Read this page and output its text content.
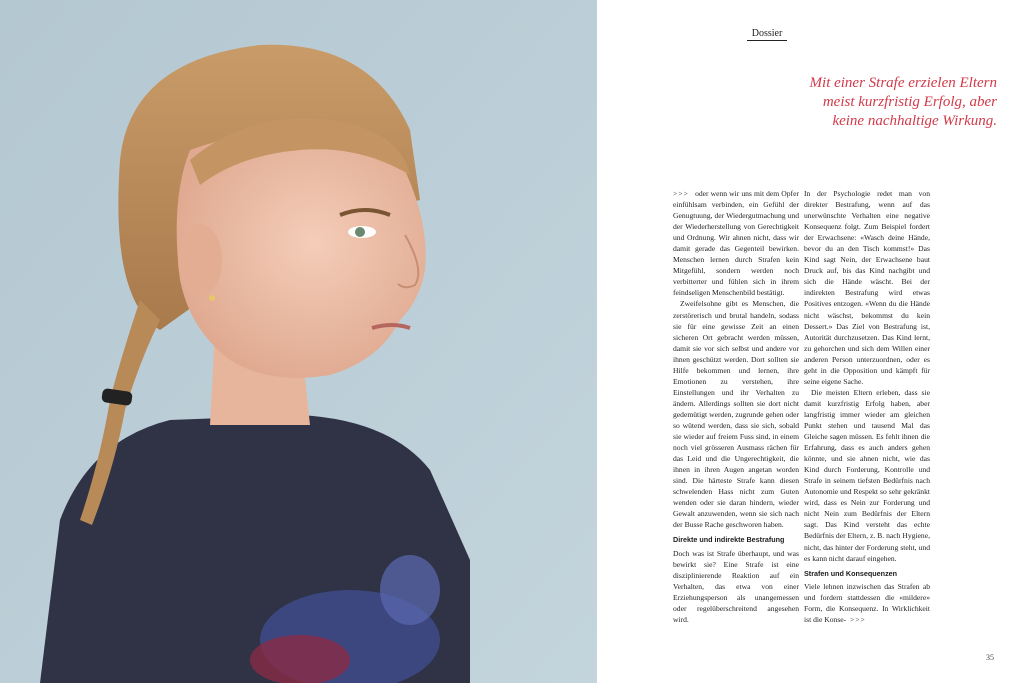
Dossier
Mit einer Strafe erzielen Eltern meist kurzfristig Erfolg, aber keine nachhaltige Wirkung.

>>> oder wenn wir uns mit dem Opfer einfühlsam verbinden, ein Gefühl der Genugtuung, der Wiedergutmachung und der Wiederherstellung von Gerechtigkeit und Ordnung. Wir ahnen nicht, dass wir damit gerade das Gegenteil bewirken. Menschen lernen durch Strafen kein Mitgefühl, sondern werden noch verbitterter und fühlen sich in ihrem feindseligen Menschenbild bestätigt.

Zweifelsohne gibt es Menschen, die zerstörerisch und brutal handeln, sodass sie für eine gewisse Zeit an einen sicheren Ort gebracht werden müssen, damit sie vor sich selbst und andere vor ihnen geschützt werden. Dort sollten sie Hilfe bekommen und lernen, ihre Emotionen zu verstehen, ihre Einstellungen und ihr Verhalten zu ändern. Allerdings sollten sie dort nicht gedemütigt werden, zugrunde gehen oder so wütend werden, dass sie sich, sobald sie wieder auf freiem Fuss sind, in einem noch viel grösseren Ausmass rächen für das Leid und die Ungerechtigkeit, die ihnen in ihren Augen angetan worden sind. Die härteste Strafe kann diesen schwelenden Hass nicht zum Guten wenden oder sie daran hindern, wieder Gewalt anzuwenden, wenn sie sich nach der Busse Rache geschworen haben.

Direkte und indirekte Bestrafung

Doch was ist Strafe überhaupt, und was bewirkt sie? Eine Strafe ist eine disziplinierende Reaktion auf ein Verhalten, das etwa von einer Erziehungsperson als unangemessen oder regelüberschreitend angesehen wird.

In der Psychologie redet man von direkter Bestrafung, wenn auf das unerwünschte Verhalten eine negative Konsequenz folgt. Zum Beispiel fordert der Erwachsene: «Wasch deine Hände, bevor du an den Tisch kommst!» Das Kind sagt Nein, der Erwachsene baut Druck auf, bis das Kind nachgibt und sich die Hände wäscht. Bei der indirekten Bestrafung wird etwas Positives entzogen. «Wenn du die Hände nicht wäschst, bekommst du kein Dessert.» Das Ziel von Bestrafung ist, Autorität durchzusetzen. Das Kind lernt, zu gehorchen und sich dem Willen einer anderen Person unterzuordnen, oder es geht in die Opposition und kämpft für seine eigene Sache.

Die meisten Eltern erleben, dass sie damit kurzfristig Erfolg haben, aber langfristig immer wieder am gleichen Punkt stehen und tausend Mal das Gleiche sagen müssen. Es fehlt ihnen die Erfahrung, dass es auch anders gehen könnte, und sie ahnen nicht, wie das Kind durch Forderung, Kontrolle und Strafe in seinem tiefsten Bedürfnis nach Autonomie und Respekt so sehr gekränkt wird, dass es Nein zur Forderung und nicht Nein zum Bedürfnis der Eltern sagt. Das Kind versteht das echte Bedürfnis der Eltern, z. B. nach Hygiene, nicht, das hinter der Forderung steht, und es kann nicht darauf eingehen.

Strafen und Konsequenzen

Viele lehnen inzwischen das Strafen ab und fordern stattdessen die «mildere» Form, die Konsequenz. In Wirklichkeit ist die Konse- >>>

35
